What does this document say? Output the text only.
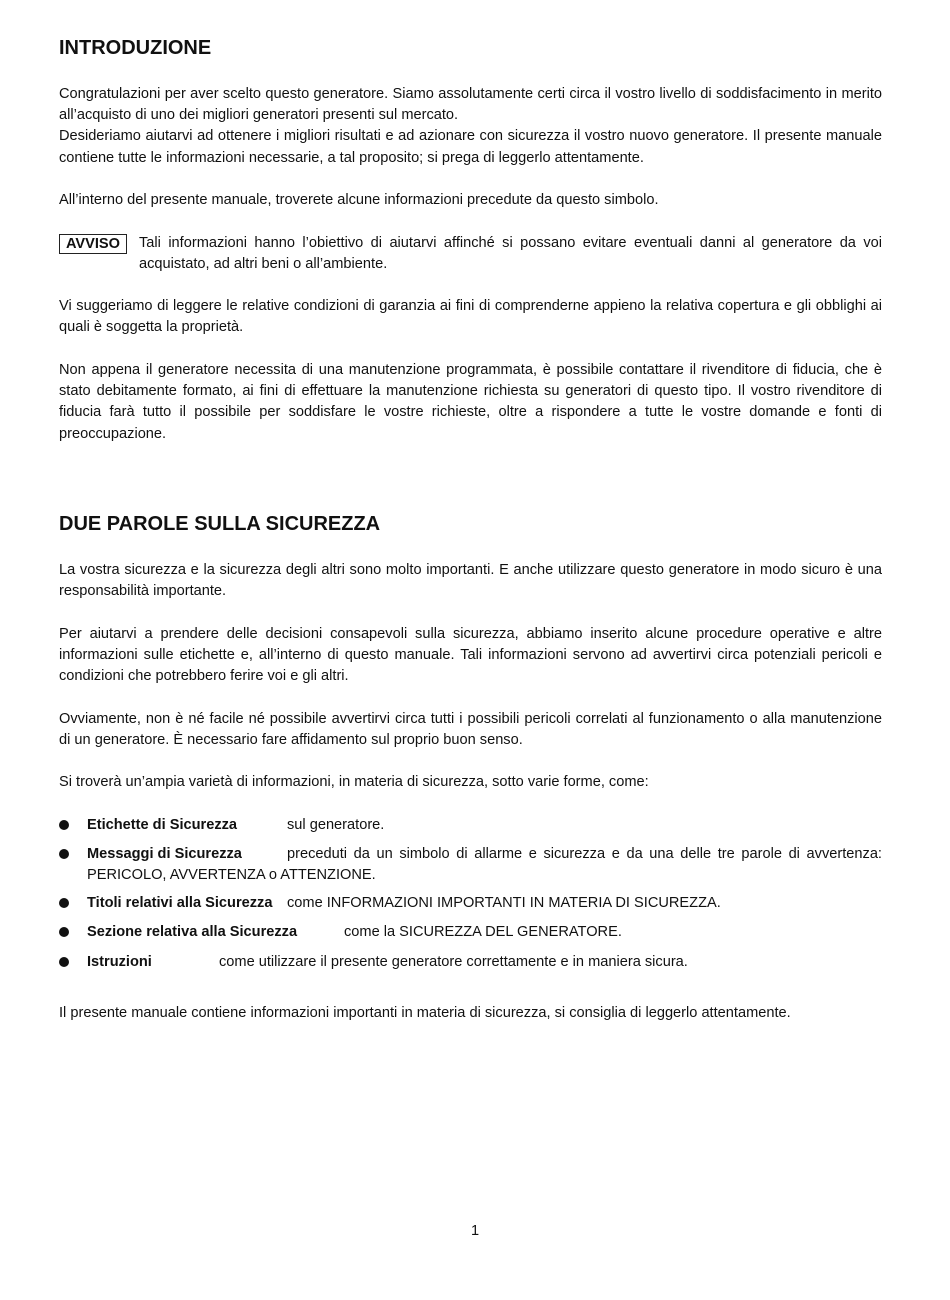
INTRODUZIONE
Congratulazioni per aver scelto questo generatore. Siamo assolutamente certi circa il vostro livello di soddisfacimento in merito
all’acquisto di uno dei migliori generatori presenti sul mercato.
Desideriamo aiutarvi ad ottenere i migliori risultati e ad azionare con sicurezza il vostro nuovo generatore. Il presente manuale
contiene tutte le informazioni necessarie, a tal proposito; si prega di leggerlo attentamente.
All’interno del presente manuale, troverete alcune informazioni precedute da questo simbolo.
AVVISO	Tali informazioni hanno l’obiettivo di aiutarvi affinché si possano evitare eventuali danni al generatore da voi
acquistato, ad altri beni o all’ambiente.
Vi suggeriamo di leggere le relative condizioni di garanzia ai fini di comprenderne appieno la relativa copertura e gli obblighi ai
quali è soggetta la proprietà.
Non appena il generatore necessita di una manutenzione programmata, è possibile contattare il rivenditore di fiducia, che è
stato debitamente formato, ai fini di effettuare la manutenzione richiesta su generatori di questo tipo. Il vostro rivenditore di
fiducia farà tutto il possibile per soddisfare le vostre richieste, oltre a rispondere a tutte le vostre domande e fonti di
preoccupazione.
DUE PAROLE SULLA SICUREZZA
La vostra sicurezza e la sicurezza degli altri sono molto importanti. E anche utilizzare questo generatore in modo sicuro è una
responsabilità importante.
Per aiutarvi a prendere delle decisioni consapevoli sulla sicurezza, abbiamo inserito alcune procedure operative e altre
informazioni sulle etichette e, all’interno di questo manuale. Tali informazioni servono ad avvertirvi circa potenziali pericoli e
condizioni che potrebbero ferire voi e gli altri.
Ovviamente, non è né facile né possibile avvertirvi circa tutti i possibili pericoli correlati al funzionamento o alla manutenzione
di un generatore. È necessario fare affidamento sul proprio buon senso.
Si troverà un’ampia varietà di informazioni, in materia di sicurezza, sotto varie forme, come:
Etichette di Sicurezza	sul generatore.
Messaggi di Sicurezza	preceduti da un simbolo di allarme e sicurezza e da una delle tre parole di avvertenza:
PERICOLO, AVVERTENZA o ATTENZIONE.
Titoli relativi alla Sicurezza come INFORMAZIONI IMPORTANTI IN MATERIA DI SICUREZZA.
Sezione relativa alla Sicurezza	come la SICUREZZA DEL GENERATORE.
Istruzioni	come utilizzare il presente generatore correttamente e in maniera sicura.
Il presente manuale contiene informazioni importanti in materia di sicurezza, si consiglia di leggerlo attentamente.
1
